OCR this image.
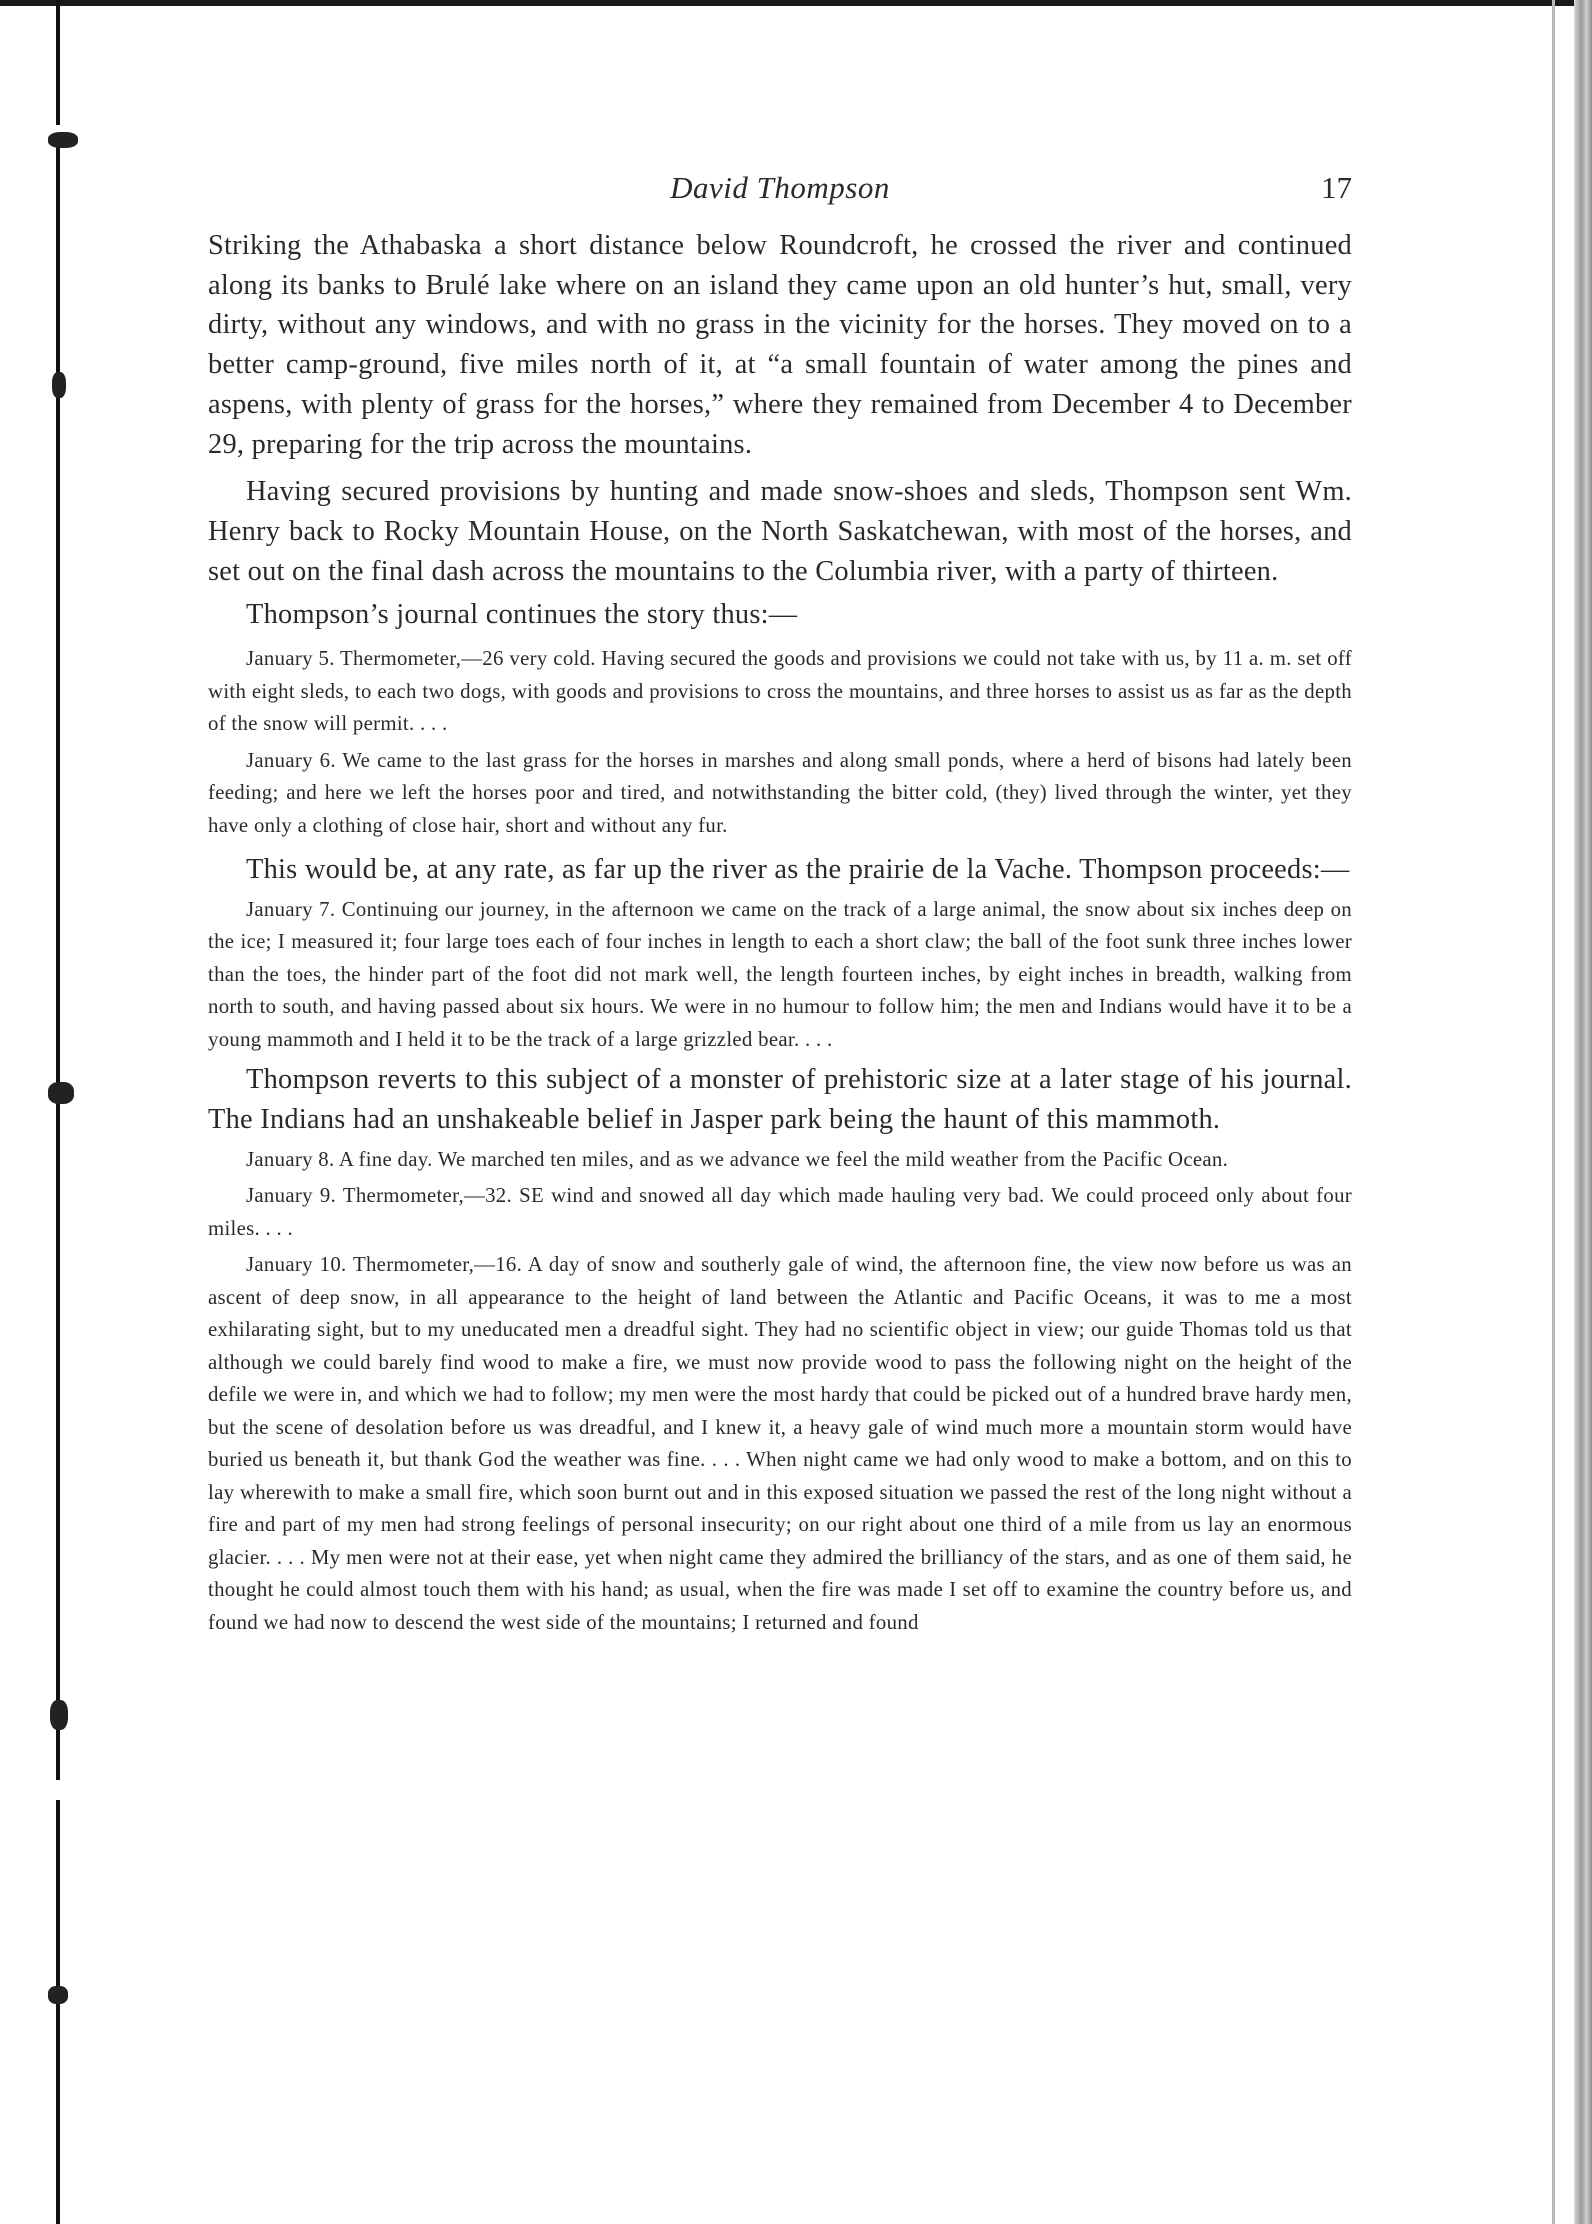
David Thompson	17

Striking the Athabaska a short distance below Roundcroft, he crossed the river and continued along its banks to Brulé lake where on an island they came upon an old hunter’s hut, small, very dirty, without any windows, and with no grass in the vicinity for the horses. They moved on to a better camp-ground, five miles north of it, at “a small fountain of water among the pines and aspens, with plenty of grass for the horses,” where they remained from December 4 to December 29, preparing for the trip across the mountains.

Having secured provisions by hunting and made snow-shoes and sleds, Thompson sent Wm. Henry back to Rocky Mountain House, on the North Saskatchewan, with most of the horses, and set out on the final dash across the mountains to the Columbia river, with a party of thirteen.

Thompson’s journal continues the story thus:—

January 5. Thermometer,—26 very cold. Having secured the goods and provisions we could not take with us, by 11 a. m. set off with eight sleds, to each two dogs, with goods and provisions to cross the mountains, and three horses to assist us as far as the depth of the snow will permit. . . .

January 6. We came to the last grass for the horses in marshes and along small ponds, where a herd of bisons had lately been feeding; and here we left the horses poor and tired, and notwithstanding the bitter cold, (they) lived through the winter, yet they have only a clothing of close hair, short and without any fur.

This would be, at any rate, as far up the river as the prairie de la Vache. Thompson proceeds:—

January 7. Continuing our journey, in the afternoon we came on the track of a large animal, the snow about six inches deep on the ice; I measured it; four large toes each of four inches in length to each a short claw; the ball of the foot sunk three inches lower than the toes, the hinder part of the foot did not mark well, the length fourteen inches, by eight inches in breadth, walking from north to south, and having passed about six hours. We were in no humour to follow him; the men and Indians would have it to be a young mammoth and I held it to be the track of a large grizzled bear. . . .

Thompson reverts to this subject of a monster of prehistoric size at a later stage of his journal. The Indians had an unshakeable belief in Jasper park being the haunt of this mammoth.

January 8. A fine day. We marched ten miles, and as we advance we feel the mild weather from the Pacific Ocean.

January 9. Thermometer,—32. SE wind and snowed all day which made hauling very bad. We could proceed only about four miles. . . .

January 10. Thermometer,—16. A day of snow and southerly gale of wind, the afternoon fine, the view now before us was an ascent of deep snow, in all appearance to the height of land between the Atlantic and Pacific Oceans, it was to me a most exhilarating sight, but to my uneducated men a dreadful sight. They had no scientific object in view; our guide Thomas told us that although we could barely find wood to make a fire, we must now provide wood to pass the following night on the height of the defile we were in, and which we had to follow; my men were the most hardy that could be picked out of a hundred brave hardy men, but the scene of desolation before us was dreadful, and I knew it, a heavy gale of wind much more a mountain storm would have buried us beneath it, but thank God the weather was fine. . . . When night came we had only wood to make a bottom, and on this to lay wherewith to make a small fire, which soon burnt out and in this exposed situation we passed the rest of the long night without a fire and part of my men had strong feelings of personal insecurity; on our right about one third of a mile from us lay an enormous glacier. . . . My men were not at their ease, yet when night came they admired the brilliancy of the stars, and as one of them said, he thought he could almost touch them with his hand; as usual, when the fire was made I set off to examine the country before us, and found we had now to descend the west side of the mountains; I returned and found
